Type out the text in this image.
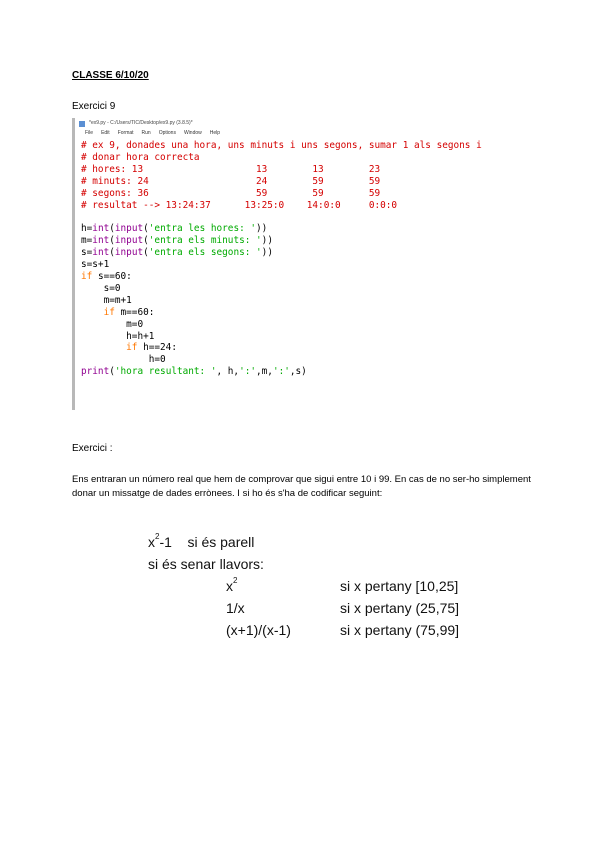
CLASSE 6/10/20
Exercici 9
*ex9.py - C:/Users/TIC/Desktop/ex9.py (3.8.5)*
File Edit Format Run Options Window Help
# ex 9, donades una hora, uns minuts i uns segons, sumar 1 als segons i
# donar hora correcta
# hores: 13                    13        13        23
# minuts: 24                   24        59        59
# segons: 36                   59        59        59
# resultat --> 13:24:37      13:25:0    14:0:0     0:0:0

h=int(input('entra les hores: '))
m=int(input('entra els minuts: '))
s=int(input('entra els segons: '))
s=s+1
if s==60:
s=0
m=m+1
if m==60:
m=0
h=h+1
if h==24:
h=0
print('hora resultant: ', h,':',m,':',s)
Exercici :
Ens entraran un número real que hem de comprovar que sigui entre 10 i 99. En cas de no ser-ho simplement donar un missatge de dades errònees. I si ho és s'ha de codificar seguint:
$x^2-1$    si és parell
si és senar llavors:
$x^2$	si x pertany [10,25]
1/x	si x pertany (25,75]
(x+1)/(x-1)	si x pertany (75,99]
